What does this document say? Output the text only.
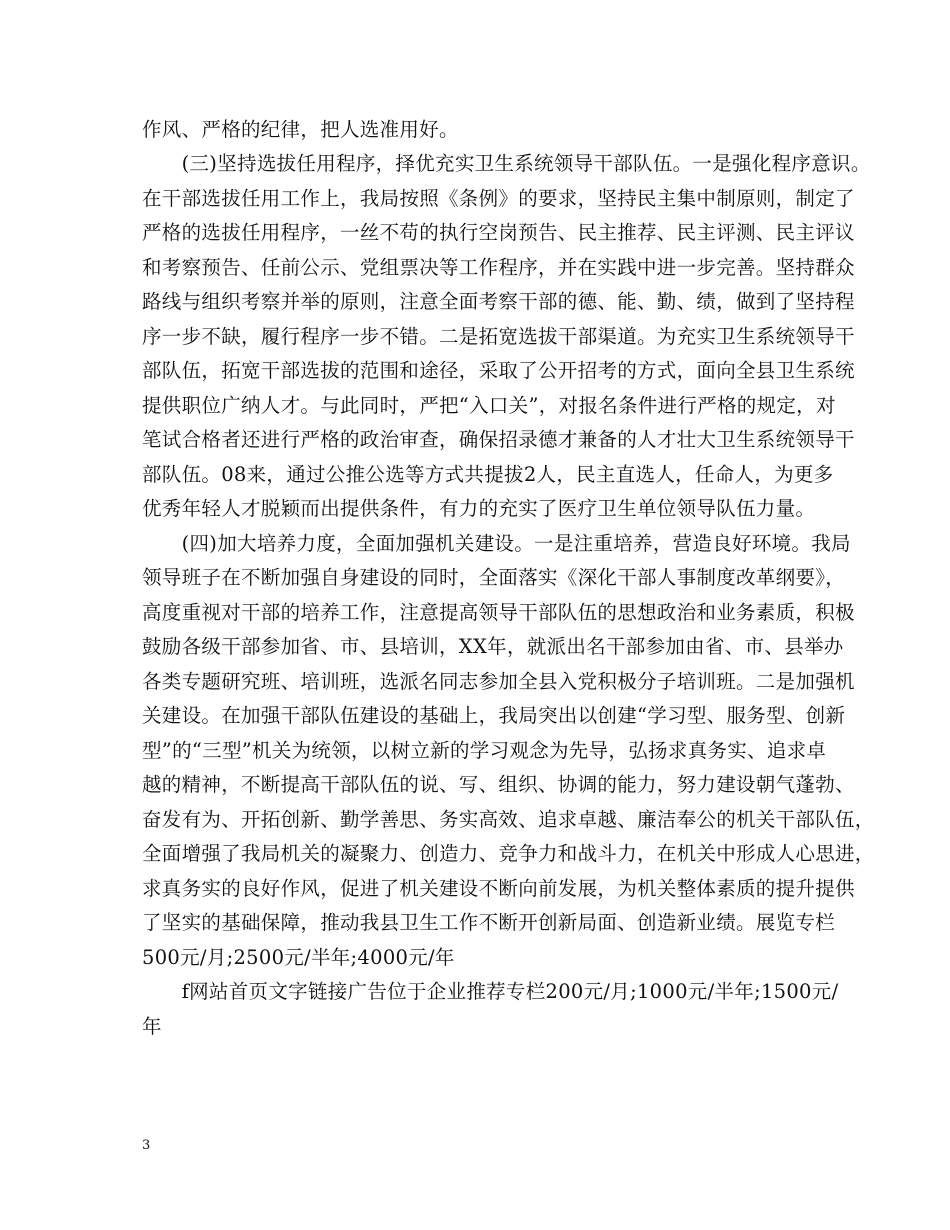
作风、严格的纪律，把人选准用好。
　　(三)坚持选拔任用程序，择优充实卫生系统领导干部队伍。一是强化程序意识。
在干部选拔任用工作上，我局按照《条例》的要求，坚持民主集中制原则，制定了
严格的选拔任用程序，一丝不苟的执行空岗预告、民主推荐、民主评测、民主评议
和考察预告、任前公示、党组票决等工作程序，并在实践中进一步完善。坚持群众
路线与组织考察并举的原则，注意全面考察干部的德、能、勤、绩，做到了坚持程
序一步不缺，履行程序一步不错。二是拓宽选拔干部渠道。为充实卫生系统领导干
部队伍，拓宽干部选拔的范围和途径，采取了公开招考的方式，面向全县卫生系统
提供职位广纳人才。与此同时，严把“入口关”，对报名条件进行严格的规定，对
笔试合格者还进行严格的政治审查，确保招录德才兼备的人才壮大卫生系统领导干
部队伍。08来，通过公推公选等方式共提拔2人，民主直选人，任命人，为更多
优秀年轻人才脱颖而出提供条件，有力的充实了医疗卫生单位领导队伍力量。
　　(四)加大培养力度，全面加强机关建设。一是注重培养，营造良好环境。我局
领导班子在不断加强自身建设的同时，全面落实《深化干部人事制度改革纲要》，
高度重视对干部的培养工作，注意提高领导干部队伍的思想政治和业务素质，积极
鼓励各级干部参加省、市、县培训，XX年，就派出名干部参加由省、市、县举办
各类专题研究班、培训班，选派名同志参加全县入党积极分子培训班。二是加强机
关建设。在加强干部队伍建设的基础上，我局突出以创建“学习型、服务型、创新
型”的“三型”机关为统领，以树立新的学习观念为先导，弘扬求真务实、追求卓
越的精神，不断提高干部队伍的说、写、组织、协调的能力，努力建设朝气蓬勃、
奋发有为、开拓创新、勤学善思、务实高效、追求卓越、廉洁奉公的机关干部队伍，
全面增强了我局机关的凝聚力、创造力、竞争力和战斗力，在机关中形成人心思进，
求真务实的良好作风，促进了机关建设不断向前发展，为机关整体素质的提升提供
了坚实的基础保障，推动我县卫生工作不断开创新局面、创造新业绩。展览专栏
500元/月;2500元/半年;4000元/年
　　f网站首页文字链接广告位于企业推荐专栏200元/月;1000元/半年;1500元/
年
3
